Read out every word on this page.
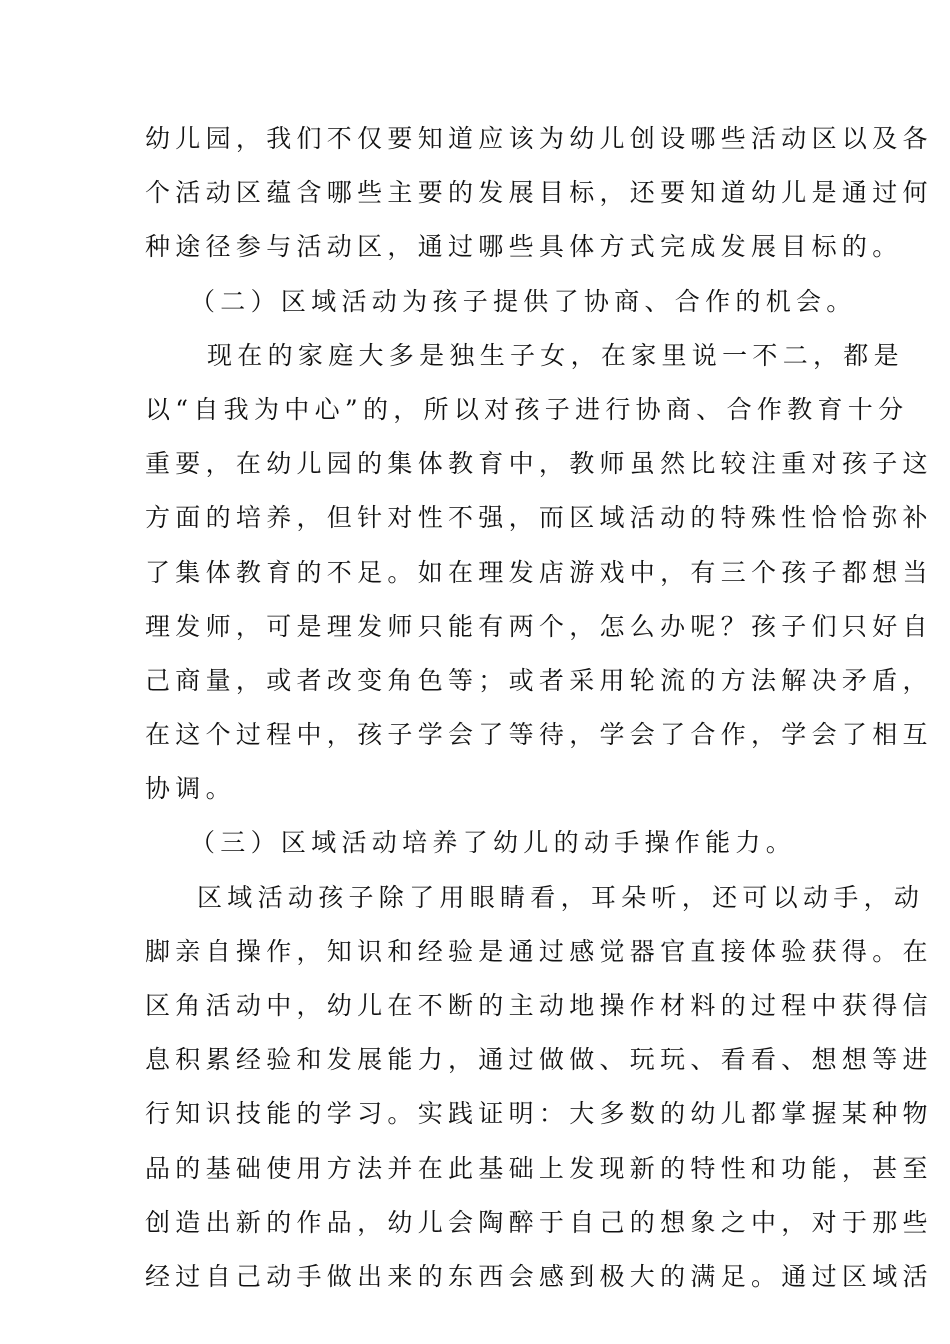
幼儿园，我们不仅要知道应该为幼儿创设哪些活动区以及各
个活动区蕴含哪些主要的发展目标，还要知道幼儿是通过何
种途径参与活动区，通过哪些具体方式完成发展目标的。
（二）区域活动为孩子提供了协商、合作的机会。
现在的家庭大多是独生子女，在家里说一不二，都是
以“自我为中心”的，所以对孩子进行协商、合作教育十分
重要，在幼儿园的集体教育中，教师虽然比较注重对孩子这
方面的培养，但针对性不强，而区域活动的特殊性恰恰弥补
了集体教育的不足。如在理发店游戏中，有三个孩子都想当
理发师，可是理发师只能有两个，怎么办呢？孩子们只好自
己商量，或者改变角色等；或者采用轮流的方法解决矛盾，
在这个过程中，孩子学会了等待，学会了合作，学会了相互
协调。
（三）区域活动培养了幼儿的动手操作能力。
区域活动孩子除了用眼睛看，耳朵听，还可以动手，动
脚亲自操作，知识和经验是通过感觉器官直接体验获得。在
区角活动中，幼儿在不断的主动地操作材料的过程中获得信
息积累经验和发展能力，通过做做、玩玩、看看、想想等进
行知识技能的学习。实践证明：大多数的幼儿都掌握某种物
品的基础使用方法并在此基础上发现新的特性和功能，甚至
创造出新的作品，幼儿会陶醉于自己的想象之中，对于那些
经过自己动手做出来的东西会感到极大的满足。通过区域活
